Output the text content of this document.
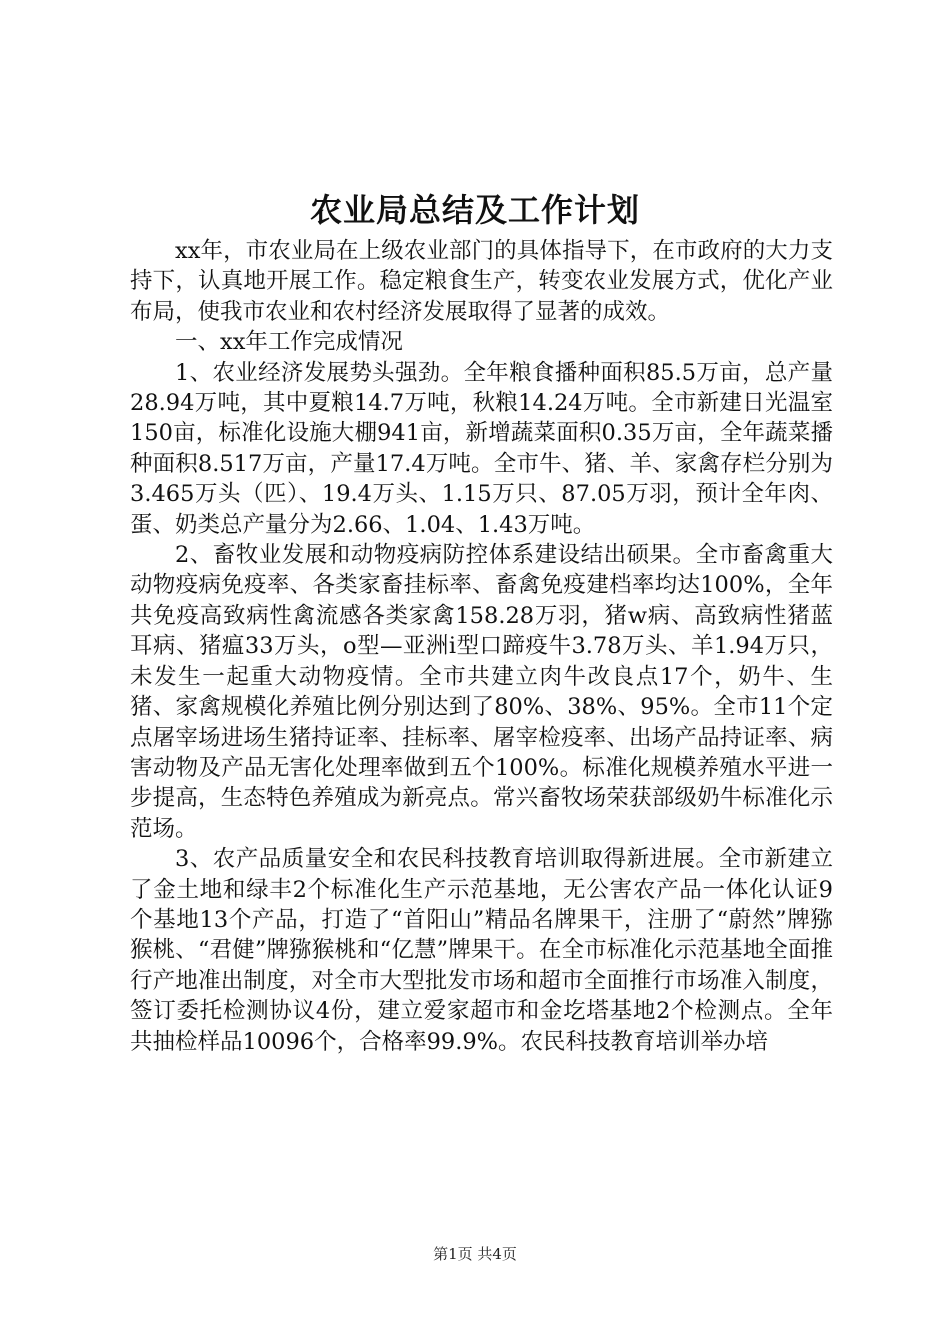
农业局总结及工作计划

xx年，市农业局在上级农业部门的具体指导下，在市政府的大力支持下，认真地开展工作。稳定粮食生产，转变农业发展方式，优化产业布局，使我市农业和农村经济发展取得了显著的成效。

一、xx年工作完成情况

1、农业经济发展势头强劲。全年粮食播种面积85.5万亩，总产量28.94万吨，其中夏粮14.7万吨，秋粮14.24万吨。全市新建日光温室150亩，标准化设施大棚941亩，新增蔬菜面积0.35万亩，全年蔬菜播种面积8.517万亩，产量17.4万吨。全市牛、猪、羊、家禽存栏分别为3.465万头（匹）、19.4万头、1.15万只、87.05万羽，预计全年肉、蛋、奶类总产量分为2.66、1.04、1.43万吨。

2、畜牧业发展和动物疫病防控体系建设结出硕果。全市畜禽重大动物疫病免疫率、各类家畜挂标率、畜禽免疫建档率均达100%，全年共免疫高致病性禽流感各类家禽158.28万羽，猪w病、高致病性猪蓝耳病、猪瘟33万头，o型—亚洲i型口蹄疫牛3.78万头、羊1.94万只，未发生一起重大动物疫情。全市共建立肉牛改良点17个，奶牛、生猪、家禽规模化养殖比例分别达到了80%、38%、95%。全市11个定点屠宰场进场生猪持证率、挂标率、屠宰检疫率、出场产品持证率、病害动物及产品无害化处理率做到五个100%。标准化规模养殖水平进一步提高，生态特色养殖成为新亮点。常兴畜牧场荣获部级奶牛标准化示范场。

3、农产品质量安全和农民科技教育培训取得新进展。全市新建立了金土地和绿丰2个标准化生产示范基地，无公害农产品一体化认证9个基地13个产品，打造了“首阳山”精品名牌果干，注册了“蔚然”牌猕猴桃、“君健”牌猕猴桃和“亿慧”牌果干。在全市标准化示范基地全面推行产地准出制度，对全市大型批发市场和超市全面推行市场准入制度，签订委托检测协议4份，建立爱家超市和金圪塔基地2个检测点。全年共抽检样品10096个，合格率99.9%。农民科技教育培训举办培

第1页 共4页
